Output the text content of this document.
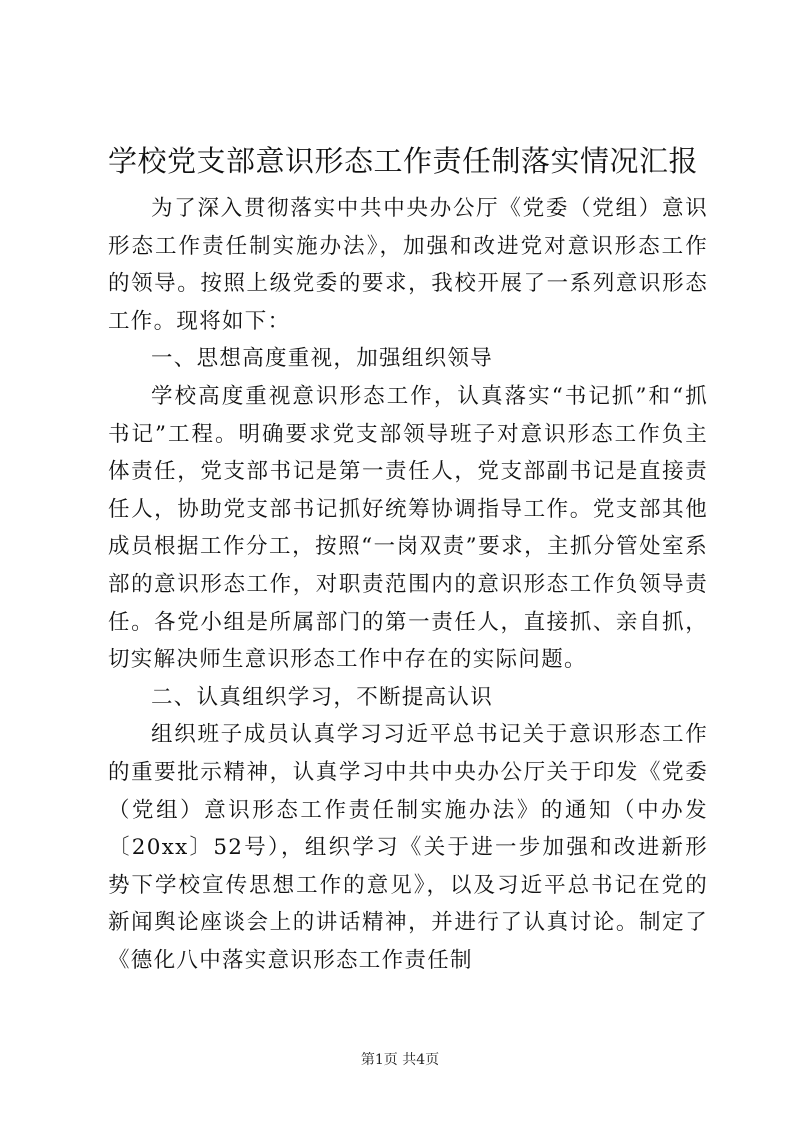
学校党支部意识形态工作责任制落实情况汇报

为了深入贯彻落实中共中央办公厅《党委（党组）意识形态工作责任制实施办法》，加强和改进党对意识形态工作的领导。按照上级党委的要求，我校开展了一系列意识形态工作。现将如下：

一、思想高度重视，加强组织领导

学校高度重视意识形态工作，认真落实“书记抓”和“抓书记”工程。明确要求党支部领导班子对意识形态工作负主体责任，党支部书记是第一责任人，党支部副书记是直接责任人，协助党支部书记抓好统筹协调指导工作。党支部其他成员根据工作分工，按照“一岗双责”要求，主抓分管处室系部的意识形态工作，对职责范围内的意识形态工作负领导责任。各党小组是所属部门的第一责任人，直接抓、亲自抓，切实解决师生意识形态工作中存在的实际问题。

二、认真组织学习，不断提高认识

组织班子成员认真学习习近平总书记关于意识形态工作的重要批示精神，认真学习中共中央办公厅关于印发《党委（党组）意识形态工作责任制实施办法》的通知（中办发〔20xx〕52号），组织学习《关于进一步加强和改进新形势下学校宣传思想工作的意见》，以及习近平总书记在党的新闻舆论座谈会上的讲话精神，并进行了认真讨论。制定了《德化八中落实意识形态工作责任制

第1页 共4页
